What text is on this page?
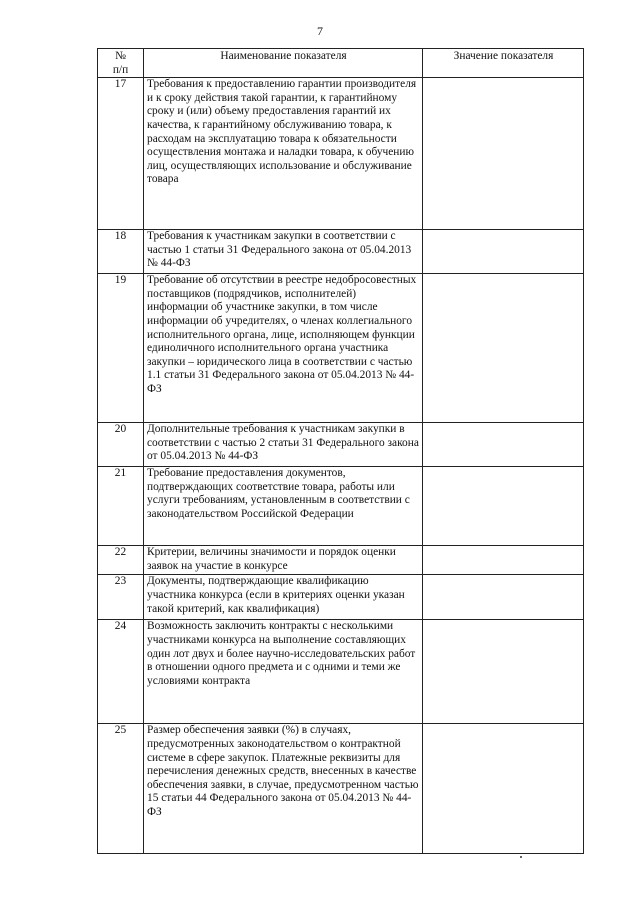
7
№
п/п	Наименование показателя	Значение показателя
17	Требования к предоставлению гарантии производителя и к сроку действия такой гарантии, к гарантийному сроку и (или) объему предоставления гарантий их качества, к гарантийному обслуживанию товара, к расходам на эксплуатацию товара к обязательности осуществления монтажа и наладки товара, к обучению лиц, осуществляющих использование и обслуживание товара	
18	Требования к участникам закупки в соответствии с частью 1 статьи 31 Федерального закона от 05.04.2013 № 44-ФЗ	
19	Требование об отсутствии в реестре недобросовестных поставщиков (подрядчиков, исполнителей) информации об участнике закупки, в том числе информации об учредителях, о членах коллегиального исполнительного органа, лице, исполняющем функции единоличного исполнительного органа участника закупки – юридического лица в соответствии с частью 1.1 статьи 31 Федерального закона от 05.04.2013 № 44-ФЗ	
20	Дополнительные требования к участникам закупки в соответствии с частью 2 статьи 31 Федерального закона от 05.04.2013 № 44-ФЗ	
21	Требование предоставления документов, подтверждающих соответствие товара, работы или услуги требованиям, установленным в соответствии с законодательством Российской Федерации	
22	Критерии, величины значимости и порядок оценки заявок на участие в конкурсе	
23	Документы, подтверждающие квалификацию участника конкурса (если в критериях оценки указан такой критерий, как квалификация)	
24	Возможность заключить контракты с несколькими участниками конкурса на выполнение составляющих один лот двух и более научно-исследовательских работ в отношении одного предмета и с одними и теми же условиями контракта	
25	Размер обеспечения заявки (%) в случаях, предусмотренных законодательством о контрактной системе в сфере закупок. Платежные реквизиты для перечисления денежных средств, внесенных в качестве обеспечения заявки, в случае, предусмотренном частью 15 статьи 44 Федерального закона от 05.04.2013 № 44-ФЗ	
